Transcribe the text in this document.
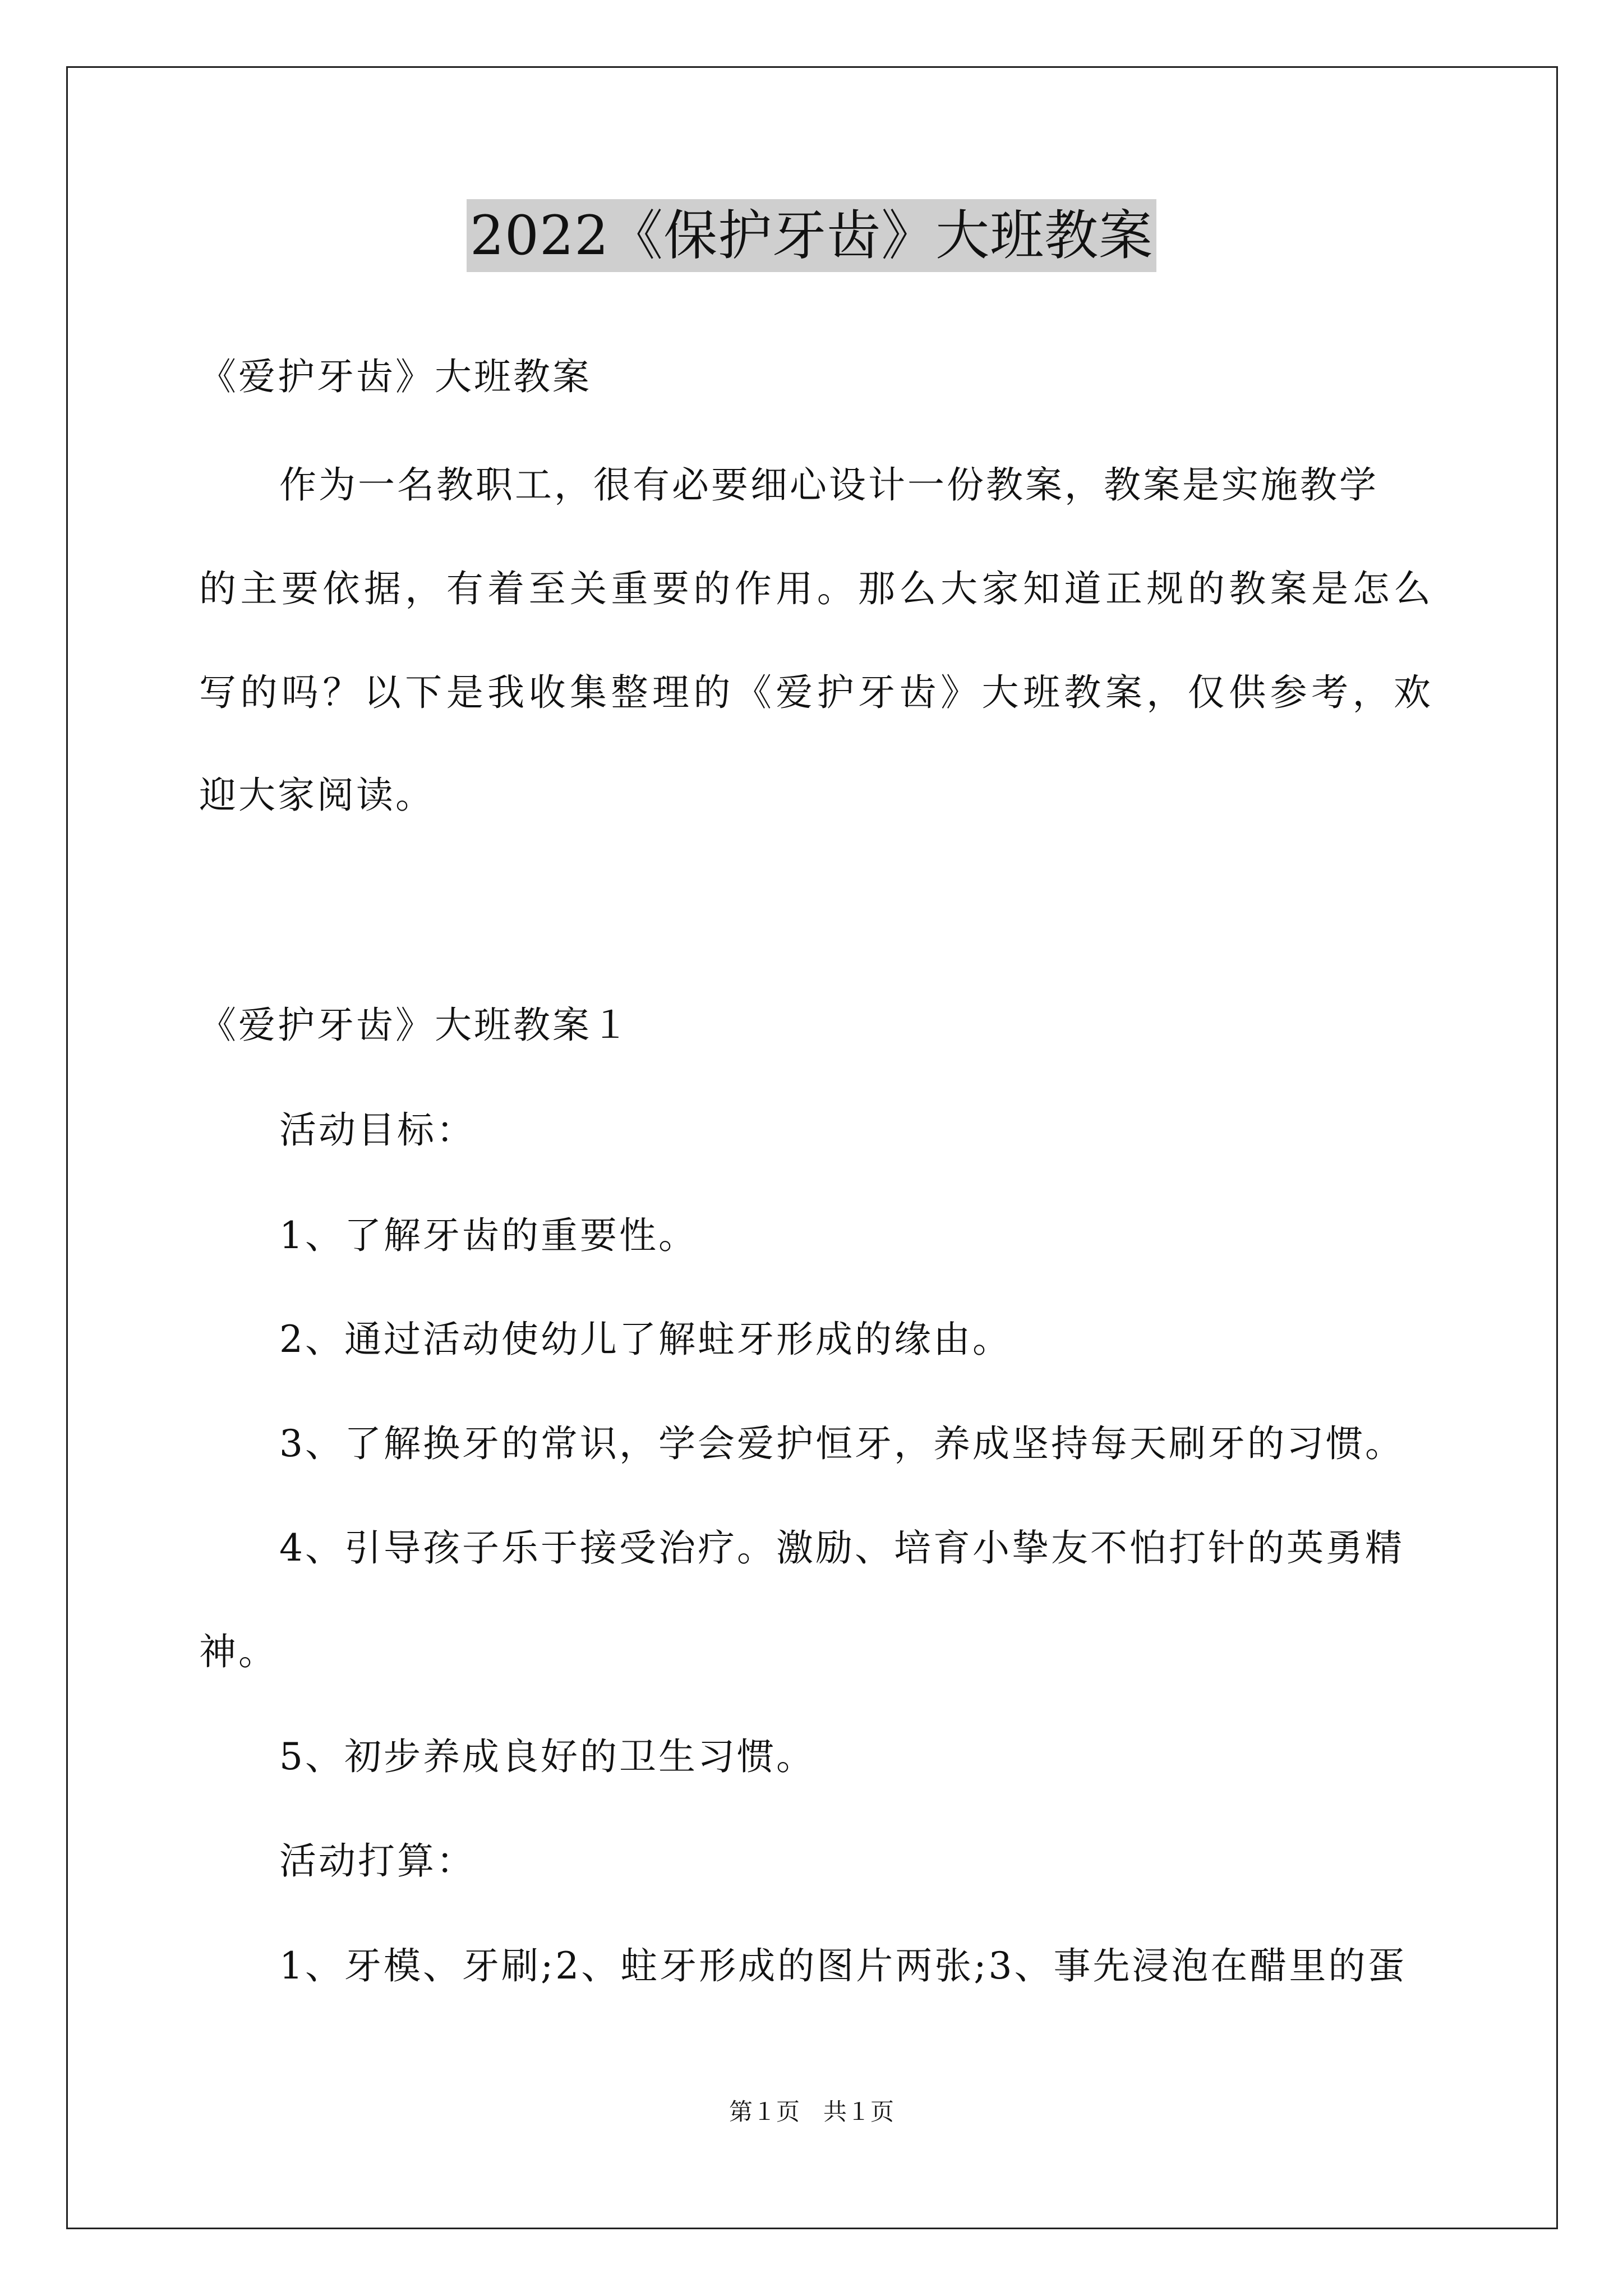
2022《保护牙齿》大班教案
《爱护牙齿》大班教案
作为一名教职工，很有必要细心设计一份教案，教案是实施教学
的主要依据，有着至关重要的作用。那么大家知道正规的教案是怎么
写的吗？以下是我收集整理的《爱护牙齿》大班教案，仅供参考，欢
迎大家阅读。
《爱护牙齿》大班教案１
活动目标：
1、了解牙齿的重要性。
2、通过活动使幼儿了解蛀牙形成的缘由。
3、了解换牙的常识，学会爱护恒牙，养成坚持每天刷牙的习惯。
4、引导孩子乐于接受治疗。激励、培育小挚友不怕打针的英勇精
神。
5、初步养成良好的卫生习惯。
活动打算：
1、牙模、牙刷;2、蛀牙形成的图片两张;3、事先浸泡在醋里的蛋
第１页　共１页
